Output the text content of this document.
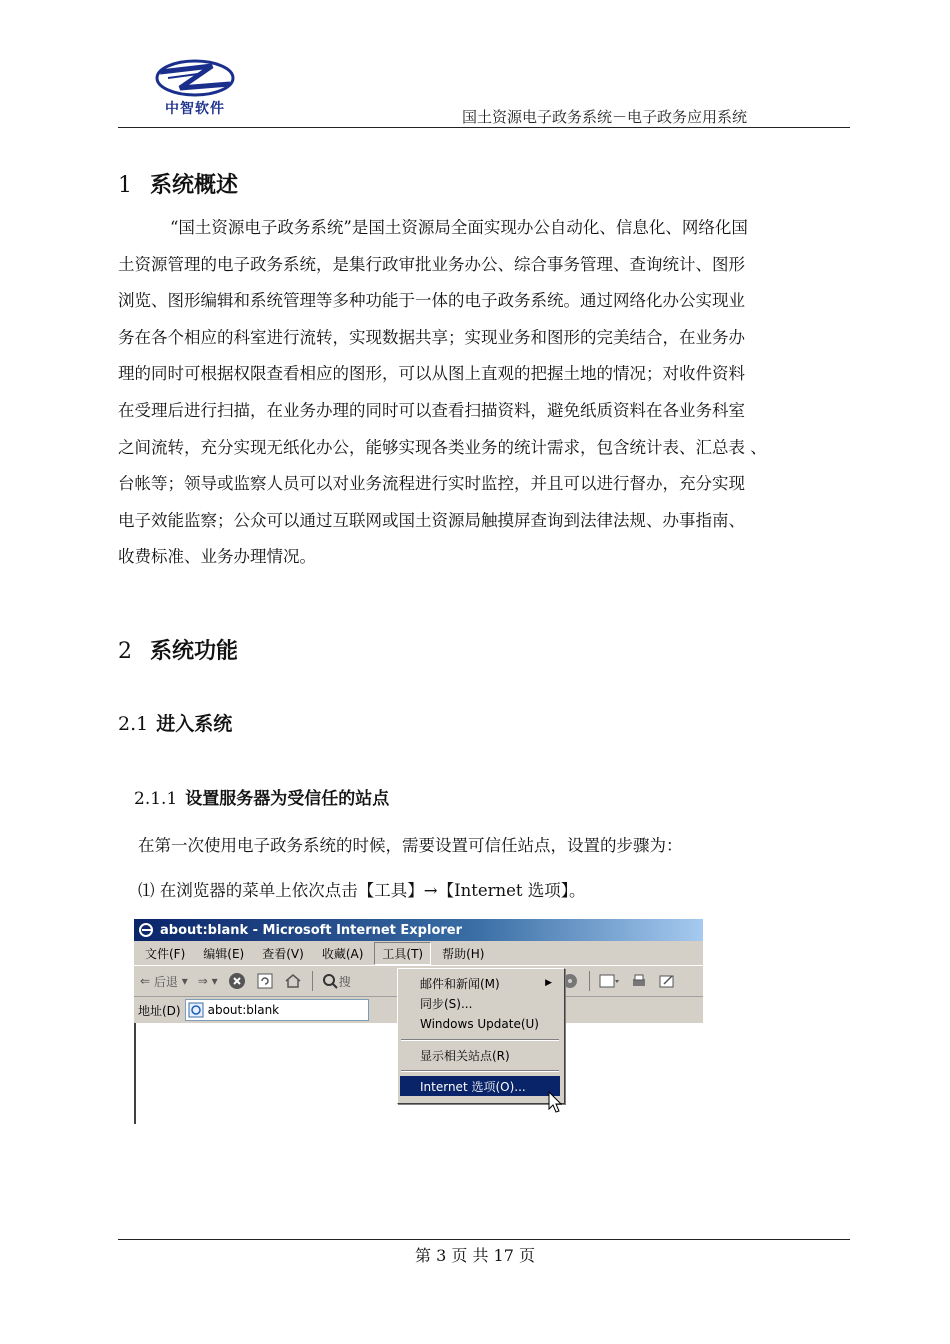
中智软件	国土资源电子政务系统－电子政务应用系统
1 系统概述
“国土资源电子政务系统”是国土资源局全面实现办公自动化、信息化、网络化国
土资源管理的电子政务系统，是集行政审批业务办公、综合事务管理、查询统计、图形
浏览、图形编辑和系统管理等多种功能于一体的电子政务系统。通过网络化办公实现业
务在各个相应的科室进行流转，实现数据共享；实现业务和图形的完美结合，在业务办
理的同时可根据权限查看相应的图形，可以从图上直观的把握土地的情况；对收件资料
在受理后进行扫描，在业务办理的同时可以查看扫描资料，避免纸质资料在各业务科室
之间流转，充分实现无纸化办公，能够实现各类业务的统计需求，包含统计表、汇总表 、
台帐等；领导或监察人员可以对业务流程进行实时监控，并且可以进行督办，充分实现
电子效能监察；公众可以通过互联网或国土资源局触摸屏查询到法律法规、办事指南、
收费标准、业务办理情况。
2 系统功能
2.1 进入系统
2.1.1 设置服务器为受信任的站点
在第一次使用电子政务系统的时候，需要设置可信任站点，设置的步骤为：
⑴ 在浏览器的菜单上依次点击【工具】→【Internet 选项】。
about:blank - Microsoft Internet Explorer
文件(F)	编辑(E)	查看(V)	收藏(A)	工具(T)	帮助(H)
⇐
后退 ▾ ⇒ ▾	搜
地址(D) about:blank
邮件和新闻(M)	▶
同步(S)...
Windows Update(U)
显示相关站点(R)
Internet 选项(O)...
第 3 页 共 17 页
